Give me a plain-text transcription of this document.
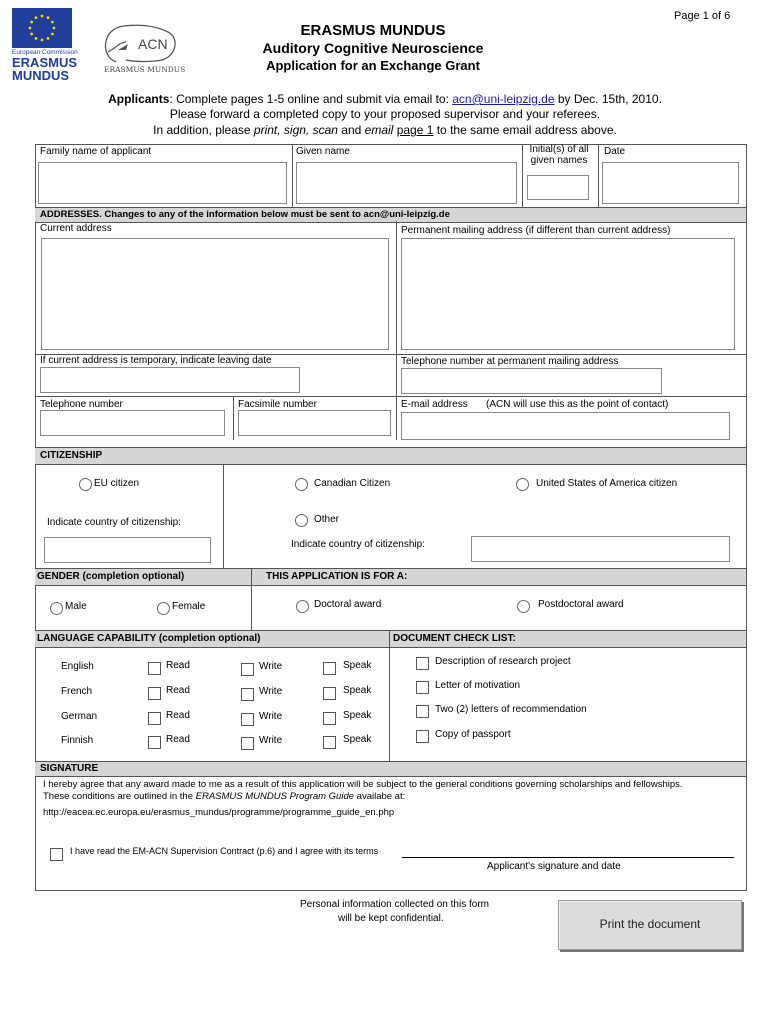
Page 1 of 6
European Commission
ERASMUS
MUNDUS
ACN
ERASMUS MUNDUS
ERASMUS MUNDUS
Auditory Cognitive Neuroscience
Application for an Exchange Grant
Applicants: Complete pages 1-5 online and submit via email to: acn@uni-leipzig.de by Dec. 15th, 2010.
Please forward a completed copy to your proposed supervisor and your referees.
In addition, please print, sign, scan and email page 1 to the same email address above.
Family name of applicant	Given name	Initial(s) of all given names
Date
ADDRESSES. Changes to any of the information below must be sent to acn@uni-leipzig.de
Current address	Permanent mailing address (if different than current address)
If current address is temporary, indicate leaving date	Telephone number at permanent mailing address
Telephone number	Facsimile number	E-mail address (ACN will use this as the point of contact)
CITIZENSHIP
EU citizen	Canadian Citizen	United States of America citizen
Other
Indicate country of citizenship:
Indicate country of citizenship:
GENDER (completion optional)	THIS APPLICATION IS FOR A:
Male	Female	Doctoral award	Postdoctoral award
LANGUAGE CAPABILITY (completion optional)	DOCUMENT CHECK LIST:
English	Read	Write	Speak
French	Read	Write	Speak
German	Read	Write	Speak
Finnish	Read	Write	Speak
Description of research project
Letter of motivation
Two (2) letters of recommendation
Copy of passport
SIGNATURE
I hereby agree that any award made to me as a result of this application will be subject to the general conditions governing scholarships and fellowships.
These conditions are outlined in the ERASMUS MUNDUS Program Guide availabe at:
http://eacea.ec.europa.eu/erasmus_mundus/programme/programme_guide_en.php
I have read the EM-ACN Supervision Contract (p.6) and I agree with its terms
Applicant's signature and date
Personal information collected on this form
will be kept confidential.	Print the document
